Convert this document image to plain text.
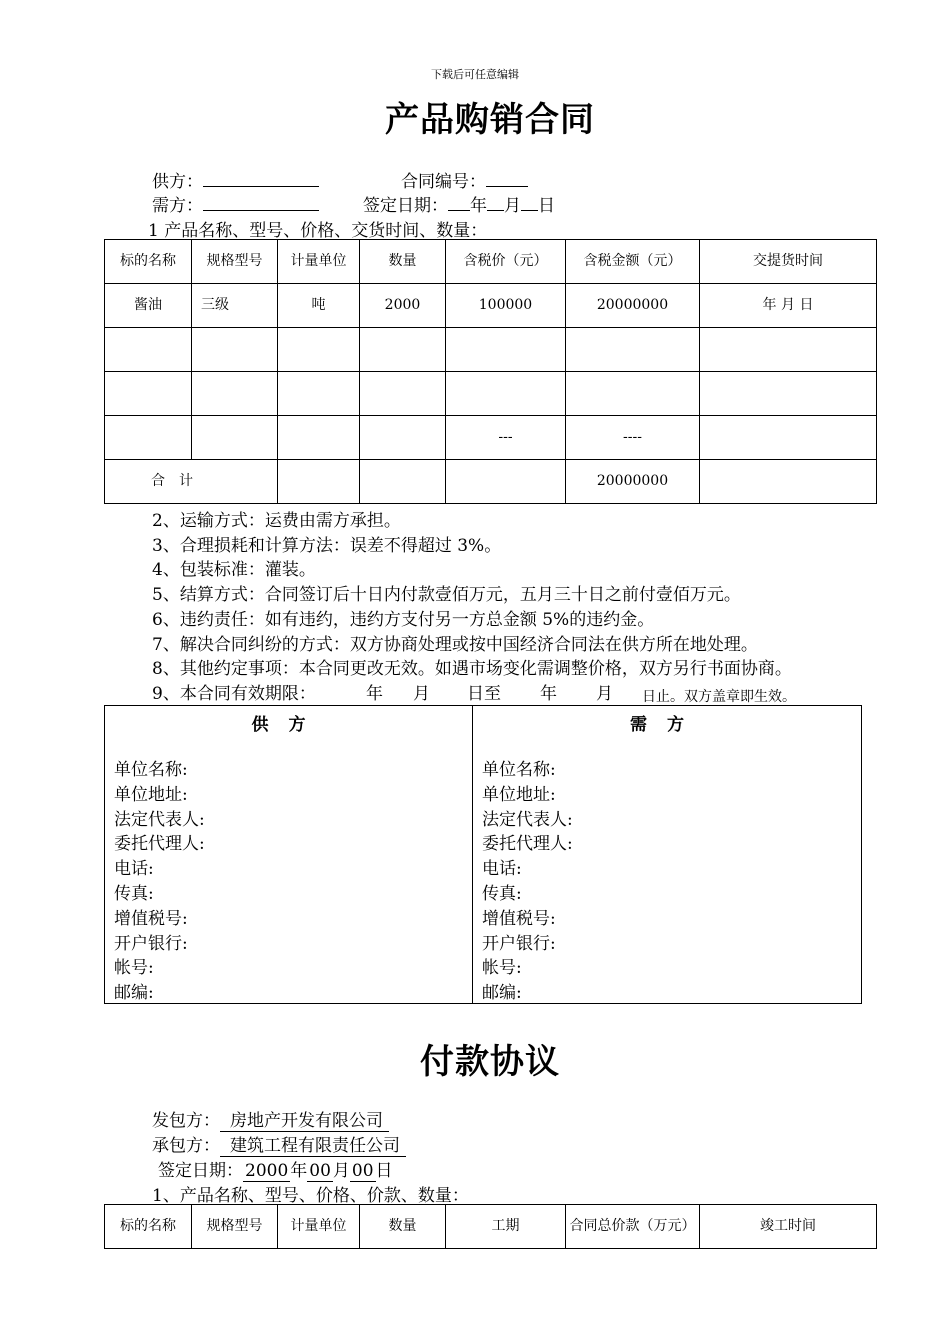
下载后可任意编辑
产品购销合同
供方：	合同编号：
需方：	签定日期： 年 月 日
1 产品名称、型号、价格、交货时间、数量：
标的名称	规格型号	计量单位	数量	含税价（元）	含税金额（元）	交提货时间
酱油	三级	吨	2000	100000	20000000	年 月 日

				---	----	
合　计					20000000	
2、运输方式：运费由需方承担。
3、合理损耗和计算方法：误差不得超过 3%。
4、包装标准：灌装。
5、结算方式：合同签订后十日内付款壹佰万元，五月三十日之前付壹佰万元。
6、违约责任：如有违约，违约方支付另一方总金额 5%的违约金。
7、解决合同纠纷的方式：双方协商处理或按中国经济合同法在供方所在地处理。
8、其他约定事项：本合同更改无效。如遇市场变化需调整价格，双方另行书面协商。
9、本合同有效期限：	年 月 日至 年 月 日止。双方盖章即生效。
供方
单位名称:
单位地址:
法定代表人:
委托代理人:
电话:
传真:
增值税号:
开户银行:
帐号:
邮编:
需方
单位名称:
单位地址:
法定代表人:
委托代理人:
电话:
传真:
增值税号:
开户银行:
帐号:
邮编:
付款协议
发包方： 房地产开发有限公司
承包方： 建筑工程有限责任公司
签定日期： 2000 年 00 月 00 日
1、产品名称、型号、价格、价款、数量：
标的名称	规格型号	计量单位	数量	工期	合同总价款（万元）	竣工时间
